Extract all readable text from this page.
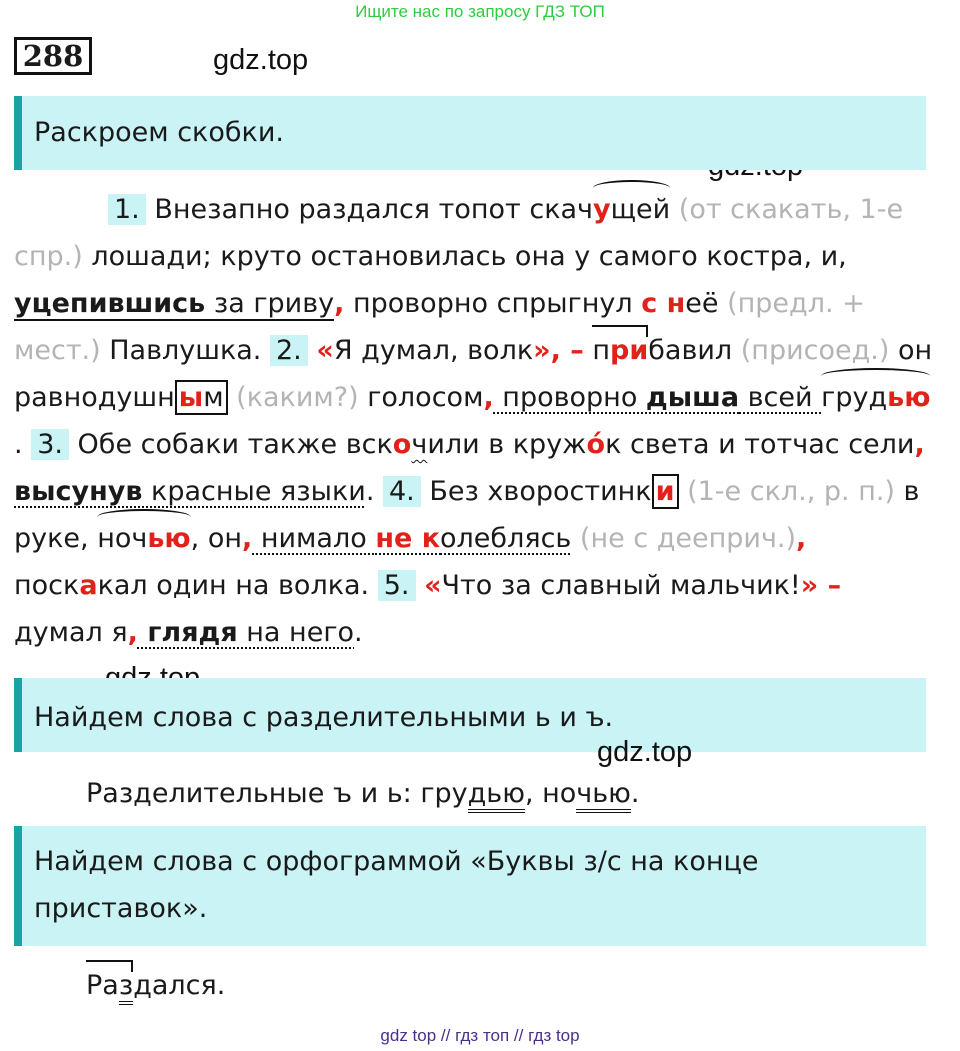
Ищите нас по запросу ГДЗ ТОП
288	gdz.top
Раскроем скобки.
1. Внезапно раздался топот скачущей (от скакать, 1-е спр.) лошади; круто остановилась она у самого костра, и, уцепившись за гриву, проворно спрыгнул с неё (предл. + мест.) Павлушка. 2. «Я думал, волк», – прибавил (присоед.) он равнодушн ым (каким?) голосом, проворно дыша всей грудью. 3. Обе собаки также вскочили в кружо́к света и тотчас сели, высунув красные языки. 4. Без хворостинк и (1-е скл., р. п.) в руке, ночью, он, нимало не колеблясь (не с дееприч.), поскакал один на волка. 5. «Что за славный мальчик!» – думал я, глядя на него.
Найдем слова с разделительными ь и ъ.
gdz.top
Разделительные ъ и ь: грудью, ночью.
Найдем слова с орфограммой «Буквы з/с на конце приставок».
Раздался.
gdz top // гдз топ // гдз top
